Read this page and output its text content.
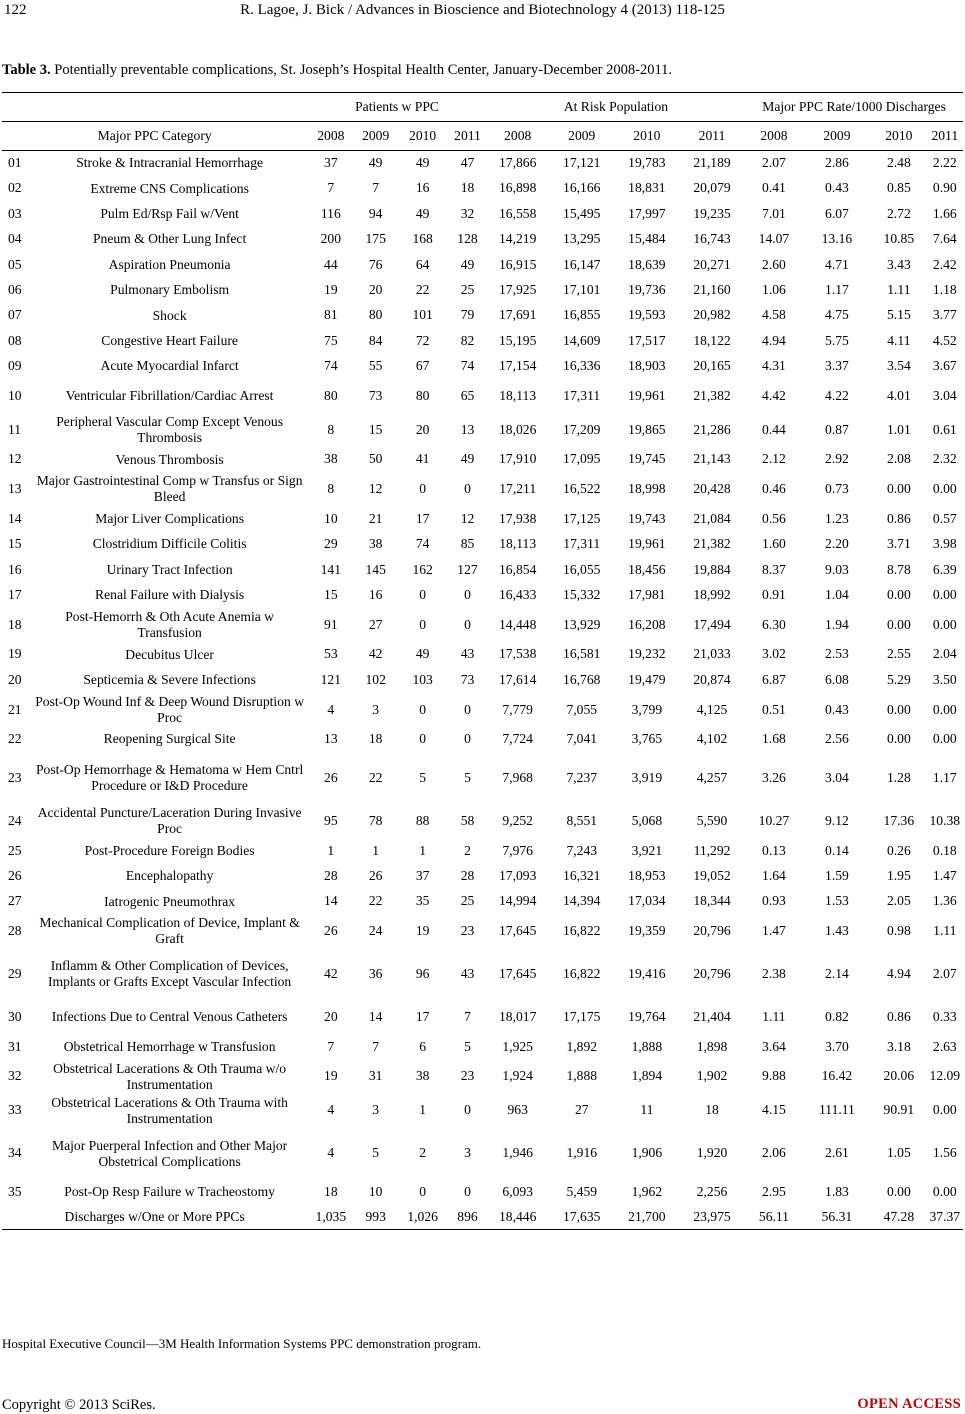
122	R. Lagoe, J. Bick / Advances in Bioscience and Biotechnology 4 (2013) 118-125
Table 3. Potentially preventable complications, St. Joseph’s Hospital Health Center, January-December 2008-2011.
		Patients w PPC				At Risk Population				Major PPC Rate/1000 Discharges			
Major PPC Category		2008	2009	2010	2011	2008	2009	2010	2011	2008	2009	2010	2011
01	Stroke & Intracranial Hemorrhage	37	49	49	47	17,866	17,121	19,783	21,189	2.07	2.86	2.48	2.22
02	Extreme CNS Complications	7	7	16	18	16,898	16,166	18,831	20,079	0.41	0.43	0.85	0.90
03	Pulm Ed/Rsp Fail w/Vent	116	94	49	32	16,558	15,495	17,997	19,235	7.01	6.07	2.72	1.66
04	Pneum & Other Lung Infect	200	175	168	128	14,219	13,295	15,484	16,743	14.07	13.16	10.85	7.64
05	Aspiration Pneumonia	44	76	64	49	16,915	16,147	18,639	20,271	2.60	4.71	3.43	2.42
06	Pulmonary Embolism	19	20	22	25	17,925	17,101	19,736	21,160	1.06	1.17	1.11	1.18
07	Shock	81	80	101	79	17,691	16,855	19,593	20,982	4.58	4.75	5.15	3.77
08	Congestive Heart Failure	75	84	72	82	15,195	14,609	17,517	18,122	4.94	5.75	4.11	4.52
09	Acute Myocardial Infarct	74	55	67	74	17,154	16,336	18,903	20,165	4.31	3.37	3.54	3.67
10	Ventricular Fibrillation/Cardiac Arrest	80	73	80	65	18,113	17,311	19,961	21,382	4.42	4.22	4.01	3.04
11	Peripheral Vascular Comp Except Venous Thrombosis	8	15	20	13	18,026	17,209	19,865	21,286	0.44	0.87	1.01	0.61
12	Venous Thrombosis	38	50	41	49	17,910	17,095	19,745	21,143	2.12	2.92	2.08	2.32
13	Major Gastrointestinal Comp w Transfus or Sign Bleed	8	12	0	0	17,211	16,522	18,998	20,428	0.46	0.73	0.00	0.00
14	Major Liver Complications	10	21	17	12	17,938	17,125	19,743	21,084	0.56	1.23	0.86	0.57
15	Clostridium Difficile Colitis	29	38	74	85	18,113	17,311	19,961	21,382	1.60	2.20	3.71	3.98
16	Urinary Tract Infection	141	145	162	127	16,854	16,055	18,456	19,884	8.37	9.03	8.78	6.39
17	Renal Failure with Dialysis	15	16	0	0	16,433	15,332	17,981	18,992	0.91	1.04	0.00	0.00
18	Post-Hemorrh & Oth Acute Anemia w Transfusion	91	27	0	0	14,448	13,929	16,208	17,494	6.30	1.94	0.00	0.00
19	Decubitus Ulcer	53	42	49	43	17,538	16,581	19,232	21,033	3.02	2.53	2.55	2.04
20	Septicemia & Severe Infections	121	102	103	73	17,614	16,768	19,479	20,874	6.87	6.08	5.29	3.50
21	Post-Op Wound Inf & Deep Wound Disruption w Proc	4	3	0	0	7,779	7,055	3,799	4,125	0.51	0.43	0.00	0.00
22	Reopening Surgical Site	13	18	0	0	7,724	7,041	3,765	4,102	1.68	2.56	0.00	0.00
23	Post-Op Hemorrhage & Hematoma w Hem Cntrl Procedure or I&D Procedure	26	22	5	5	7,968	7,237	3,919	4,257	3.26	3.04	1.28	1.17
24	Accidental Puncture/Laceration During Invasive Proc	95	78	88	58	9,252	8,551	5,068	5,590	10.27	9.12	17.36	10.38
25	Post-Procedure Foreign Bodies	1	1	1	2	7,976	7,243	3,921	11,292	0.13	0.14	0.26	0.18
26	Encephalopathy	28	26	37	28	17,093	16,321	18,953	19,052	1.64	1.59	1.95	1.47
27	Iatrogenic Pneumothrax	14	22	35	25	14,994	14,394	17,034	18,344	0.93	1.53	2.05	1.36
28	Mechanical Complication of Device, Implant & Graft	26	24	19	23	17,645	16,822	19,359	20,796	1.47	1.43	0.98	1.11
29	Inflamm & Other Complication of Devices, Implants or Grafts Except Vascular Infection	42	36	96	43	17,645	16,822	19,416	20,796	2.38	2.14	4.94	2.07
30	Infections Due to Central Venous Catheters	20	14	17	7	18,017	17,175	19,764	21,404	1.11	0.82	0.86	0.33
31	Obstetrical Hemorrhage w Transfusion	7	7	6	5	1,925	1,892	1,888	1,898	3.64	3.70	3.18	2.63
32	Obstetrical Lacerations & Oth Trauma w/o Instrumentation	19	31	38	23	1,924	1,888	1,894	1,902	9.88	16.42	20.06	12.09
33	Obstetrical Lacerations & Oth Trauma with Instrumentation	4	3	1	0	963	27	11	18	4.15	111.11	90.91	0.00
34	Major Puerperal Infection and Other Major Obstetrical Complications	4	5	2	3	1,946	1,916	1,906	1,920	2.06	2.61	1.05	1.56
35	Post-Op Resp Failure w Tracheostomy	18	10	0	0	6,093	5,459	1,962	2,256	2.95	1.83	0.00	0.00
Discharges w/One or More PPCs		1,035	993	1,026	896	18,446	17,635	21,700	23,975	56.11	56.31	47.28	37.37
Hospital Executive Council—3M Health Information Systems PPC demonstration program.
Copyright © 2013 SciRes.	OPEN ACCESS
